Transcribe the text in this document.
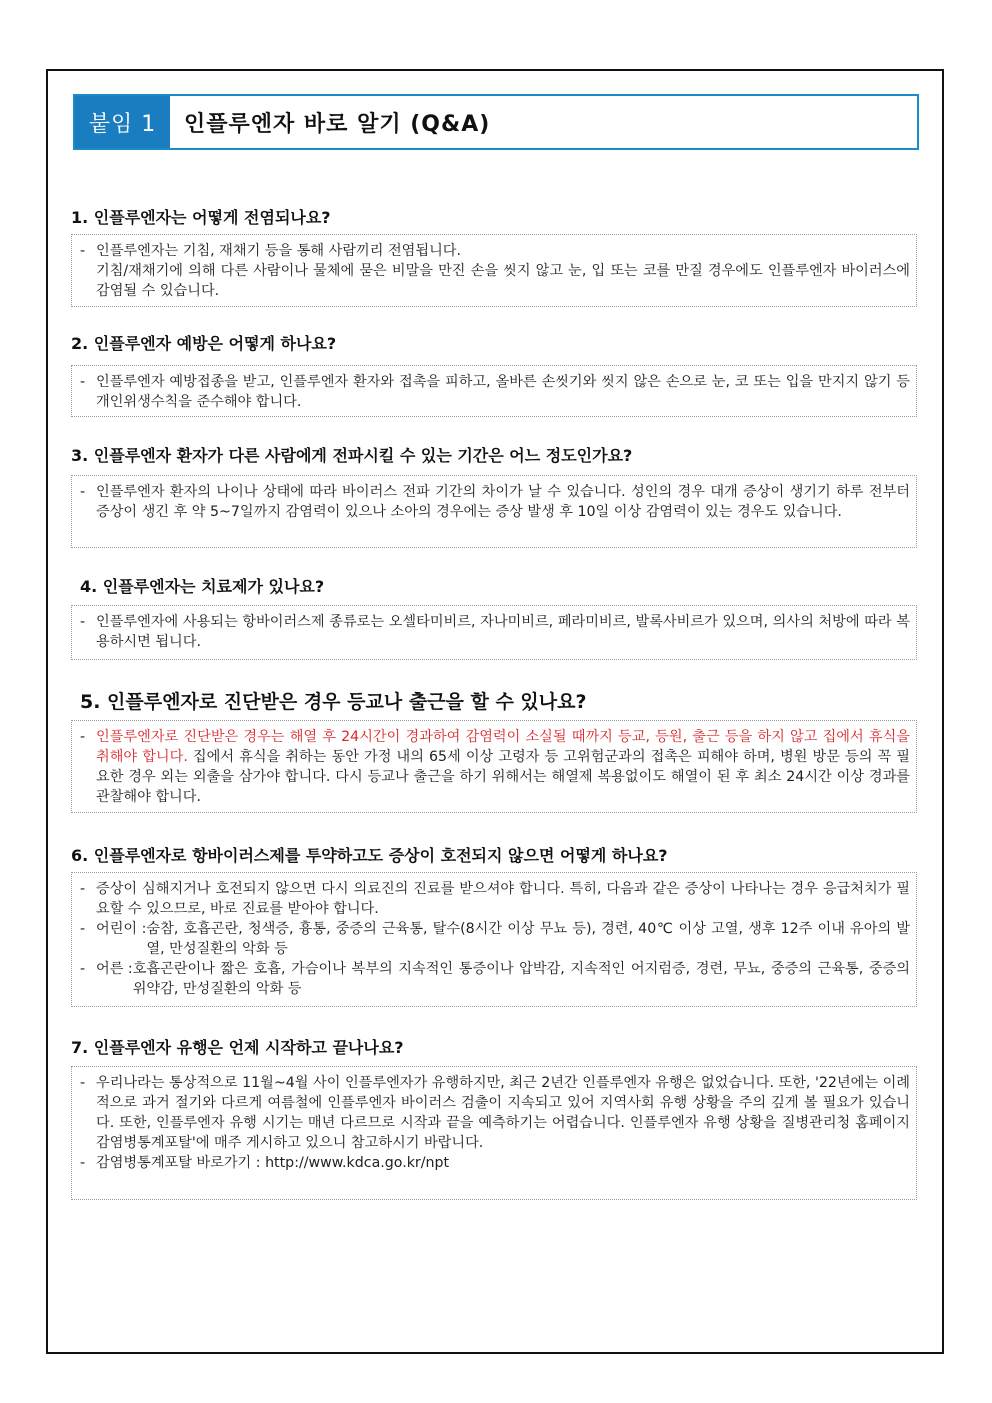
붙임 1	인플루엔자 바로 알기 (Q&A)
1. 인플루엔자는 어떻게 전염되나요?
- 인플루엔자는 기침, 재채기 등을 통해 사람끼리 전염됩니다.
기침/재채기에 의해 다른 사람이나 물체에 묻은 비말을 만진 손을 씻지 않고 눈, 입 또는 코를 만질 경우에도 인플루엔자 바이러스에 감염될 수 있습니다.
2. 인플루엔자 예방은 어떻게 하나요?
- 인플루엔자 예방접종을 받고, 인플루엔자 환자와 접촉을 피하고, 올바른 손씻기와 씻지 않은 손으로 눈, 코 또는 입을 만지지 않기 등 개인위생수칙을 준수해야 합니다.
3. 인플루엔자 환자가 다른 사람에게 전파시킬 수 있는 기간은 어느 정도인가요?
- 인플루엔자 환자의 나이나 상태에 따라 바이러스 전파 기간의 차이가 날 수 있습니다. 성인의 경우 대개 증상이 생기기 하루 전부터 증상이 생긴 후 약 5~7일까지 감염력이 있으나 소아의 경우에는 증상 발생 후 10일 이상 감염력이 있는 경우도 있습니다.
4. 인플루엔자는 치료제가 있나요?
- 인플루엔자에 사용되는 항바이러스제 종류로는 오셀타미비르, 자나미비르, 페라미비르, 발록사비르가 있으며, 의사의 처방에 따라 복용하시면 됩니다.
5. 인플루엔자로 진단받은 경우 등교나 출근을 할 수 있나요?
- 인플루엔자로 진단받은 경우는 해열 후 24시간이 경과하여 감염력이 소실될 때까지 등교, 등원, 출근 등을 하지 않고 집에서 휴식을 취해야 합니다. 집에서 휴식을 취하는 동안 가정 내의 65세 이상 고령자 등 고위험군과의 접촉은 피해야 하며, 병원 방문 등의 꼭 필요한 경우 외는 외출을 삼가야 합니다. 다시 등교나 출근을 하기 위해서는 해열제 복용없이도 해열이 된 후 최소 24시간 이상 경과를 관찰해야 합니다.
6. 인플루엔자로 항바이러스제를 투약하고도 증상이 호전되지 않으면 어떻게 하나요?
- 증상이 심해지거나 호전되지 않으면 다시 의료진의 진료를 받으셔야 합니다. 특히, 다음과 같은 증상이 나타나는 경우 응급처치가 필요할 수 있으므로, 바로 진료를 받아야 합니다.
- 어린이 : 숨참, 호흡곤란, 청색증, 흉통, 중증의 근육통, 탈수(8시간 이상 무뇨 등), 경련, 40℃ 이상 고열, 생후 12주 이내 유아의 발열, 만성질환의 악화 등
- 어른 : 호흡곤란이나 짧은 호흡, 가슴이나 복부의 지속적인 통증이나 압박감, 지속적인 어지럼증, 경련, 무뇨, 중증의 근육통, 중증의 위약감, 만성질환의 악화 등
7. 인플루엔자 유행은 언제 시작하고 끝나나요?
- 우리나라는 통상적으로 11월~4월 사이 인플루엔자가 유행하지만, 최근 2년간 인플루엔자 유행은 없었습니다. 또한, '22년에는 이례적으로 과거 절기와 다르게 여름철에 인플루엔자 바이러스 검출이 지속되고 있어 지역사회 유행 상황을 주의 깊게 볼 필요가 있습니다. 또한, 인플루엔자 유행 시기는 매년 다르므로 시작과 끝을 예측하기는 어렵습니다. 인플루엔자 유행 상황을 질병관리청 홈페이지 감염병통계포탈'에 매주 게시하고 있으니 참고하시기 바랍니다.
- 감염병통계포탈 바로가기 : http://www.kdca.go.kr/npt
